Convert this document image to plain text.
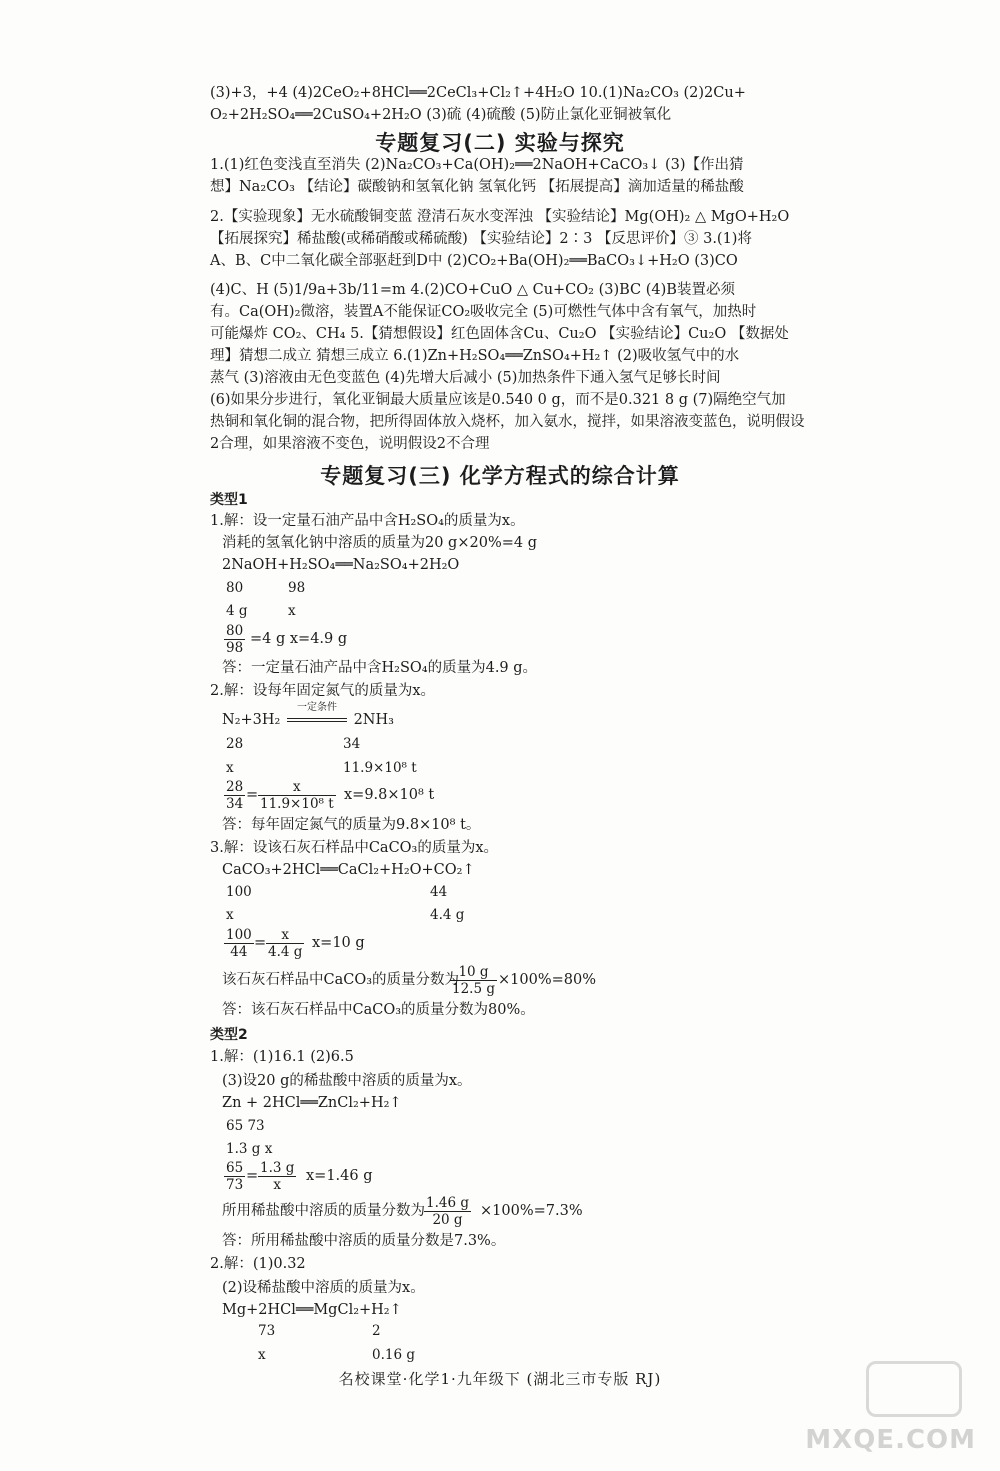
(3)+3，+4 (4)2CeO₂+8HCl══2CeCl₃+Cl₂↑+4H₂O 10.(1)Na₂CO₃ (2)2Cu+
O₂+2H₂SO₄══2CuSO₄+2H₂O (3)硫 (4)硫酸 (5)防止氯化亚铜被氧化
专题复习(二) 实验与探究
1.(1)红色变浅直至消失 (2)Na₂CO₃+Ca(OH)₂══2NaOH+CaCO₃↓ (3)【作出猜
想】Na₂CO₃ 【结论】碳酸钠和氢氧化钠 氢氧化钙 【拓展提高】滴加适量的稀盐酸
2.【实验现象】无水硫酸铜变蓝 澄清石灰水变浑浊 【实验结论】Mg(OH)₂ △ MgO+H₂O
【拓展探究】稀盐酸(或稀硝酸或稀硫酸) 【实验结论】2∶3 【反思评价】③ 3.(1)将
A、B、C中二氧化碳全部驱赶到D中 (2)CO₂+Ba(OH)₂══BaCO₃↓+H₂O (3)CO
(4)C、H (5)1/9a+3b/11=m 4.(2)CO+CuO △ Cu+CO₂ (3)BC (4)B装置必须
有。Ca(OH)₂微溶，装置A不能保证CO₂吸收完全 (5)可燃性气体中含有氧气，加热时
可能爆炸 CO₂、CH₄ 5.【猜想假设】红色固体含Cu、Cu₂O 【实验结论】Cu₂O 【数据处
理】猜想二成立 猜想三成立 6.(1)Zn+H₂SO₄══ZnSO₄+H₂↑ (2)吸收氢气中的水
蒸气 (3)溶液由无色变蓝色 (4)先增大后减小 (5)加热条件下通入氢气足够长时间
(6)如果分步进行，氧化亚铜最大质量应该是0.540 0 g，而不是0.321 8 g (7)隔绝空气加
热铜和氧化铜的混合物，把所得固体放入烧杯，加入氨水，搅拌，如果溶液变蓝色，说明假设
2合理，如果溶液不变色，说明假设2不合理
专题复习(三) 化学方程式的综合计算
类型1
1.解：设一定量石油产品中含H₂SO₄的质量为x。
消耗的氢氧化钠中溶质的质量为20 g×20%=4 g
2NaOH+H₂SO₄══Na₂SO₄+2H₂O
80	98
4 g	x
$\frac{80}{98} =4$ g x=4.9 g
答：一定量石油产品中含H₂SO₄的质量为4.9 g。
2.解：设每年固定氮气的质量为x。
N₂+3H₂
一定条件
2NH₃
28	34
x	11.9×10⁸ t
$\frac{28}{34} = \frac{x}{\text{11.9×10⁸ t}} x=9.8\times 10^8$ t
答：每年固定氮气的质量为9.8×10⁸ t。
3.解：设该石灰石样品中CaCO₃的质量为x。
CaCO₃+2HCl══CaCl₂+H₂O+CO₂↑
100	44
x	4.4 g
$\frac{100}{44} = \frac{x}{4.4 g} x=10$ g
该石灰石样品中CaCO₃的质量分数为
$\frac{10 g}{12.5 g} \times 100\%=80\%$
答：该石灰石样品中CaCO₃的质量分数为80%。
类型2
1.解：(1)16.1 (2)6.5
(3)设20 g的稀盐酸中溶质的质量为x。
Zn + 2HCl══ZnCl₂+H₂↑
65 73
1.3 g x
$\frac{65}{73} = \frac{1.3 g}{x} x=1.46$ g
所用稀盐酸中溶质的质量分数为 $\frac{1.46 g}{20 g} \times 100\%=7.3\%$
答：所用稀盐酸中溶质的质量分数是7.3%。
2.解：(1)0.32
(2)设稀盐酸中溶质的质量为x。
Mg+2HCl══MgCl₂+H₂↑
73	2
x	0.16 g
名校课堂·化学1·九年级下 (湖北三市专版 RJ)
MXQE.COM
